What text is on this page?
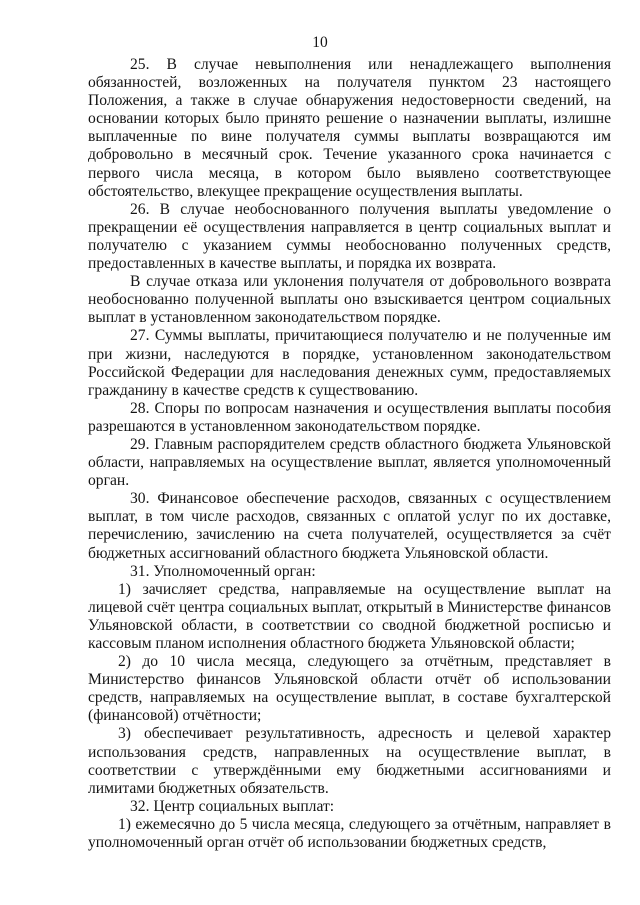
10

25. В случае невыполнения или ненадлежащего выполнения обязанностей, возложенных на получателя пунктом 23 настоящего Положения, а также в случае обнаружения недостоверности сведений, на основании которых было принято решение о назначении выплаты, излишне выплаченные по вине получателя суммы выплаты возвращаются им добровольно в месячный срок. Течение указанного срока начинается с первого числа месяца, в котором было выявлено соответствующее обстоятельство, влекущее прекращение осуществления выплаты.

26. В случае необоснованного получения выплаты уведомление о прекращении её осуществления направляется в центр социальных выплат и получателю с указанием суммы необоснованно полученных средств, предоставленных в качестве выплаты, и порядка их возврата.

В случае отказа или уклонения получателя от добровольного возврата необоснованно полученной выплаты оно взыскивается центром социальных выплат в установленном законодательством порядке.

27. Суммы выплаты, причитающиеся получателю и не полученные им при жизни, наследуются в порядке, установленном законодательством Российской Федерации для наследования денежных сумм, предоставляемых гражданину в качестве средств к существованию.

28. Споры по вопросам назначения и осуществления выплаты пособия разрешаются в установленном законодательством порядке.

29. Главным распорядителем средств областного бюджета Ульяновской области, направляемых на осуществление выплат, является уполномоченный орган.

30. Финансовое обеспечение расходов, связанных с осуществлением выплат, в том числе расходов, связанных с оплатой услуг по их доставке, перечислению, зачислению на счета получателей, осуществляется за счёт бюджетных ассигнований областного бюджета Ульяновской области.

31. Уполномоченный орган:

1) зачисляет средства, направляемые на осуществление выплат на лицевой счёт центра социальных выплат, открытый в Министерстве финансов Ульяновской области, в соответствии со сводной бюджетной росписью и кассовым планом исполнения областного бюджета Ульяновской области;

2) до 10 числа месяца, следующего за отчётным, представляет в Министерство финансов Ульяновской области отчёт об использовании средств, направляемых на осуществление выплат, в составе бухгалтерской (финансовой) отчётности;

3) обеспечивает результативность, адресность и целевой характер использования средств, направленных на осуществление выплат, в соответствии с утверждёнными ему бюджетными ассигнованиями и лимитами бюджетных обязательств.

32. Центр социальных выплат:

1) ежемесячно до 5 числа месяца, следующего за отчётным, направляет в уполномоченный орган отчёт об использовании бюджетных средств,
